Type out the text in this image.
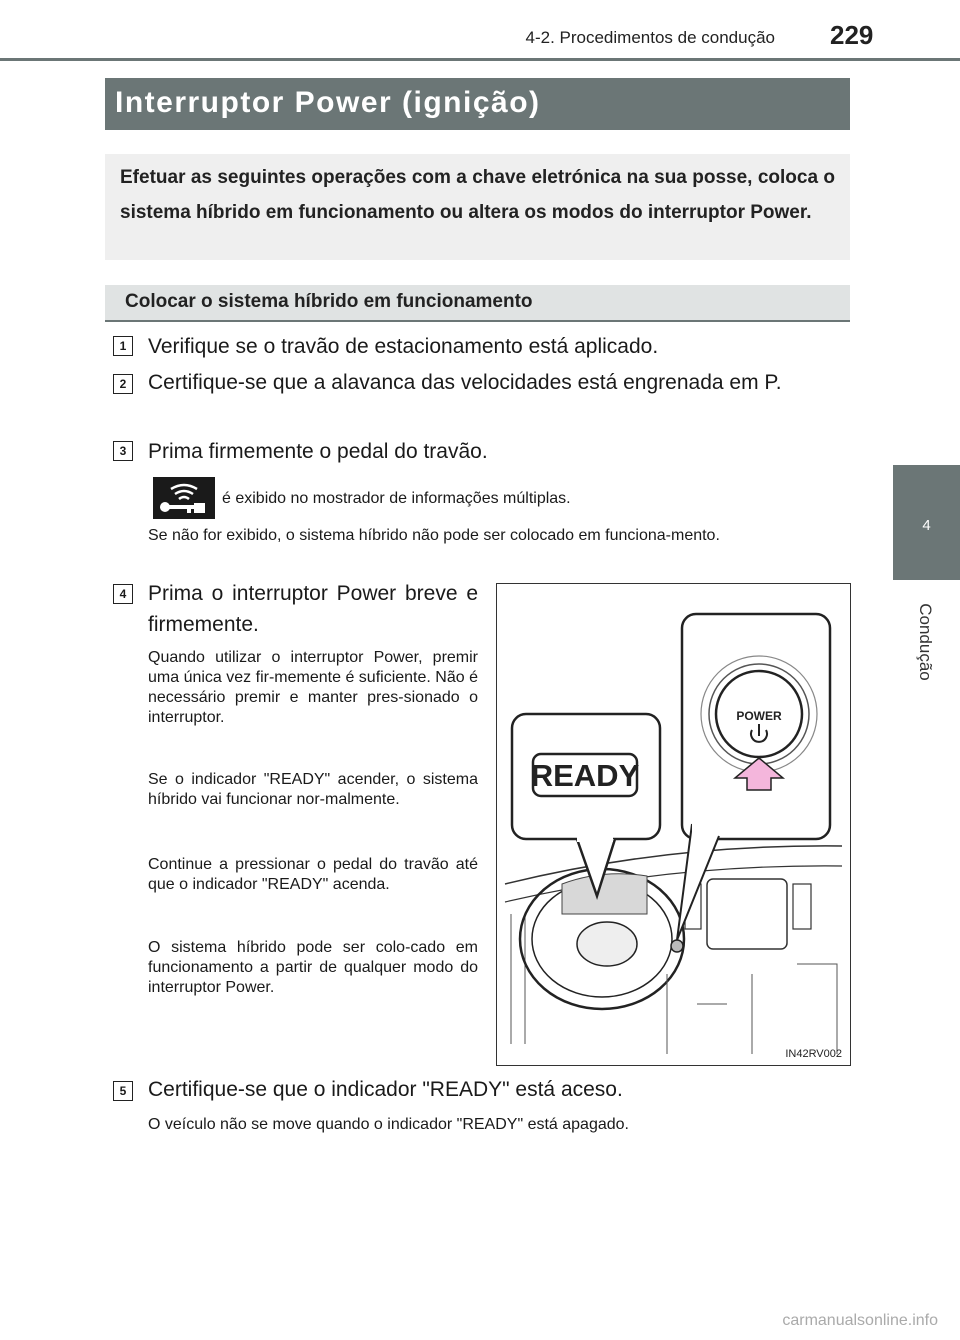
4-2. Procedimentos de condução 229
4
Condução
Interruptor Power (ignição)
Efetuar as seguintes operações com a chave eletrónica na sua posse, coloca o sistema híbrido em funcionamento ou altera os modos do interruptor Power.
Colocar o sistema híbrido em funcionamento
1	Verifique se o travão de estacionamento está aplicado.
2	Certifique-se que a alavanca das velocidades está engrenada em P.
3	Prima firmemente o pedal do travão.
é exibido no mostrador de informações múltiplas.
Se não for exibido, o sistema híbrido não pode ser colocado em funciona-mento.
4	Prima o interruptor Power breve e firmemente.
Quando utilizar o interruptor Power, premir uma única vez fir-memente é suficiente. Não é necessário premir e manter pres-sionado o interruptor.
Se o indicador "READY" acender, o sistema híbrido vai funcionar nor-malmente.
Continue a pressionar o pedal do travão até que o indicador "READY" acenda.
O sistema híbrido pode ser colo-cado em funcionamento a partir de qualquer modo do interruptor Power.
READY
POWER
IN42RV002
5	Certifique-se que o indicador "READY" está aceso.
O veículo não se move quando o indicador "READY" está apagado.
carmanualsonline.info
